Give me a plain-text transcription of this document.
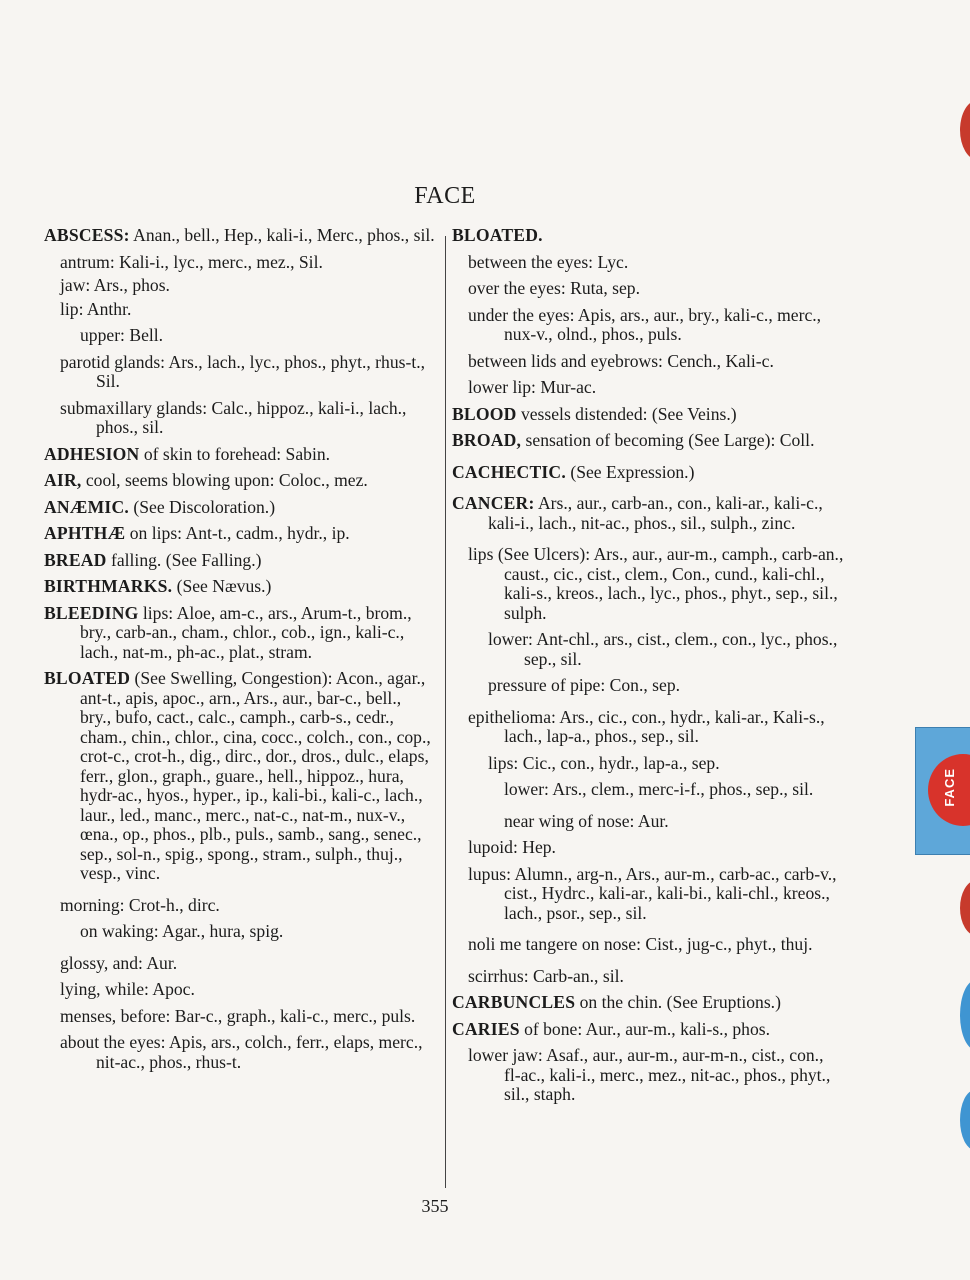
FACE
ABSCESS: Anan., bell., Hep., kali-i., Merc., phos., sil.
antrum: Kali-i., lyc., merc., mez., Sil.
jaw: Ars., phos.
lip: Anthr.
upper: Bell.
parotid glands: Ars., lach., lyc., phos., phyt., rhus-t., Sil.
submaxillary glands: Calc., hippoz., kali-i., lach., phos., sil.
ADHESION of skin to forehead: Sabin.
AIR, cool, seems blowing upon: Coloc., mez.
ANÆMIC. (See Discoloration.)
APHTHÆ on lips: Ant-t., cadm., hydr., ip.
BREAD falling. (See Falling.)
BIRTHMARKS. (See Nævus.)
BLEEDING lips: Aloe, am-c., ars., Arum-t., brom., bry., carb-an., cham., chlor., cob., ign., kali-c., lach., nat-m., ph-ac., plat., stram.
BLOATED (See Swelling, Congestion): Acon., agar., ant-t., apis, apoc., arn., Ars., aur., bar-c., bell., bry., bufo, cact., calc., camph., carb-s., cedr., cham., chin., chlor., cina, cocc., colch., con., cop., crot-c., crot-h., dig., dirc., dor., dros., dulc., elaps, ferr., glon., graph., guare., hell., hippoz., hura, hydr-ac., hyos., hyper., ip., kali-bi., kali-c., lach., laur., led., manc., merc., nat-c., nat-m., nux-v., œna., op., phos., plb., puls., samb., sang., senec., sep., sol-n., spig., spong., stram., sulph., thuj., vesp., vinc.
morning: Crot-h., dirc.
on waking: Agar., hura, spig.
glossy, and: Aur.
lying, while: Apoc.
menses, before: Bar-c., graph., kali-c., merc., puls.
about the eyes: Apis, ars., colch., ferr., elaps, merc., nit-ac., phos., rhus-t.
BLOATED.
between the eyes: Lyc.
over the eyes: Ruta, sep.
under the eyes: Apis, ars., aur., bry., kali-c., merc., nux-v., olnd., phos., puls.
between lids and eyebrows: Cench., Kali-c.
lower lip: Mur-ac.
BLOOD vessels distended: (See Veins.)
BROAD, sensation of becoming (See Large): Coll.
CACHECTIC. (See Expression.)
CANCER: Ars., aur., carb-an., con., kali-ar., kali-c., kali-i., lach., nit-ac., phos., sil., sulph., zinc.
lips (See Ulcers): Ars., aur., aur-m., camph., carb-an., caust., cic., cist., clem., Con., cund., kali-chl., kali-s., kreos., lach., lyc., phos., phyt., sep., sil., sulph.
lower: Ant-chl., ars., cist., clem., con., lyc., phos., sep., sil.
pressure of pipe: Con., sep.
epithelioma: Ars., cic., con., hydr., kali-ar., Kali-s., lach., lap-a., phos., sep., sil.
lips: Cic., con., hydr., lap-a., sep.
lower: Ars., clem., merc-i-f., phos., sep., sil.
near wing of nose: Aur.
lupoid: Hep.
lupus: Alumn., arg-n., Ars., aur-m., carb-ac., carb-v., cist., Hydrc., kali-ar., kali-bi., kali-chl., kreos., lach., psor., sep., sil.
noli me tangere on nose: Cist., jug-c., phyt., thuj.
scirrhus: Carb-an., sil.
CARBUNCLES on the chin. (See Eruptions.)
CARIES of bone: Aur., aur-m., kali-s., phos.
lower jaw: Asaf., aur., aur-m., aur-m-n., cist., con., fl-ac., kali-i., merc., mez., nit-ac., phos., phyt., sil., staph.
355
FACE
